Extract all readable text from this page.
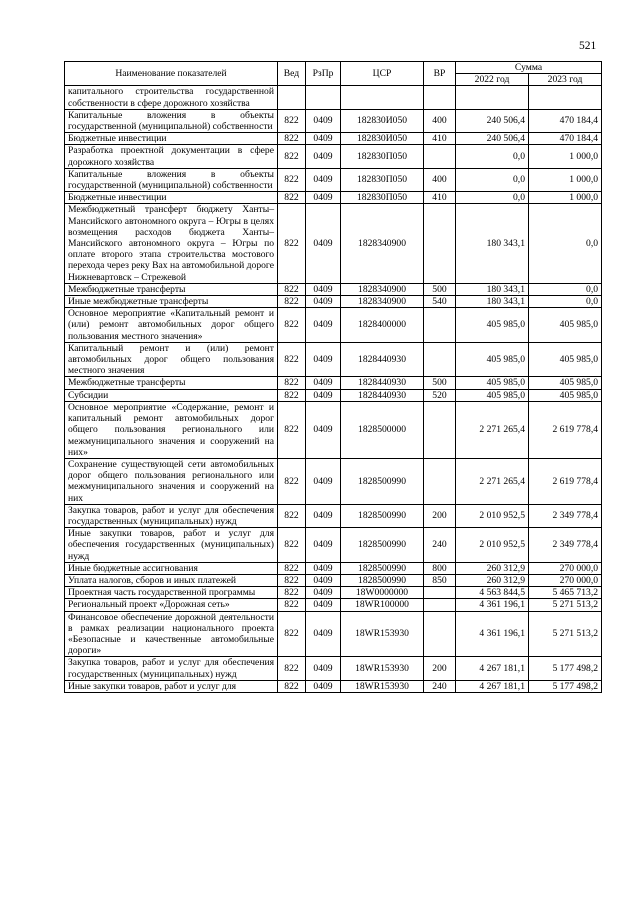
521
Наименование показателей	Вед	РзПр	ЦСР	ВР	Сумма	
					2022 год	2023 год
капитального строительства государственной собственности в сфере дорожного хозяйства						
Капитальные вложения в объекты государственной (муниципальной) собственности	822	0409	182830И050	400	240 506,4	470 184,4
Бюджетные инвестиции	822	0409	182830И050	410	240 506,4	470 184,4
Разработка проектной документации в сфере дорожного хозяйства	822	0409	182830П050		0,0	1 000,0
Капитальные вложения в объекты государственной (муниципальной) собственности	822	0409	182830П050	400	0,0	1 000,0
Бюджетные инвестиции	822	0409	182830П050	410	0,0	1 000,0
Межбюджетный трансферт бюджету Ханты–Мансийского автономного округа – Югры в целях возмещения расходов бюджета Ханты–Мансийского автономного округа – Югры по оплате второго этапа строительства мостового перехода через реку Вах на автомобильной дороге Нижневартовск – Стрежевой	822	0409	1828340900		180 343,1	0,0
Межбюджетные трансферты	822	0409	1828340900	500	180 343,1	0,0
Иные межбюджетные трансферты	822	0409	1828340900	540	180 343,1	0,0
Основное мероприятие «Капитальный ремонт и (или) ремонт автомобильных дорог общего пользования местного значения»	822	0409	1828400000		405 985,0	405 985,0
Капитальный ремонт и (или) ремонт автомобильных дорог общего пользования местного значения	822	0409	1828440930		405 985,0	405 985,0
Межбюджетные трансферты	822	0409	1828440930	500	405 985,0	405 985,0
Субсидии	822	0409	1828440930	520	405 985,0	405 985,0
Основное мероприятие «Содержание, ремонт и капитальный ремонт автомобильных дорог общего пользования регионального или межмуниципального значения и сооружений на них»	822	0409	1828500000		2 271 265,4	2 619 778,4
Сохранение существующей сети автомобильных дорог общего пользования регионального или межмуниципального значения и сооружений на них	822	0409	1828500990		2 271 265,4	2 619 778,4
Закупка товаров, работ и услуг для обеспечения государственных (муниципальных) нужд	822	0409	1828500990	200	2 010 952,5	2 349 778,4
Иные закупки товаров, работ и услуг для обеспечения государственных (муниципальных) нужд	822	0409	1828500990	240	2 010 952,5	2 349 778,4
Иные бюджетные ассигнования	822	0409	1828500990	800	260 312,9	270 000,0
Уплата налогов, сборов и иных платежей	822	0409	1828500990	850	260 312,9	270 000,0
Проектная часть государственной программы	822	0409	18W0000000		4 563 844,5	5 465 713,2
Региональный проект «Дорожная сеть»	822	0409	18WR100000		4 361 196,1	5 271 513,2
Финансовое обеспечение дорожной деятельности в рамках реализации национального проекта «Безопасные и качественные автомобильные дороги»	822	0409	18WR153930		4 361 196,1	5 271 513,2
Закупка товаров, работ и услуг для обеспечения государственных (муниципальных) нужд	822	0409	18WR153930	200	4 267 181,1	5 177 498,2
Иные закупки товаров, работ и услуг для	822	0409	18WR153930	240	4 267 181,1	5 177 498,2
